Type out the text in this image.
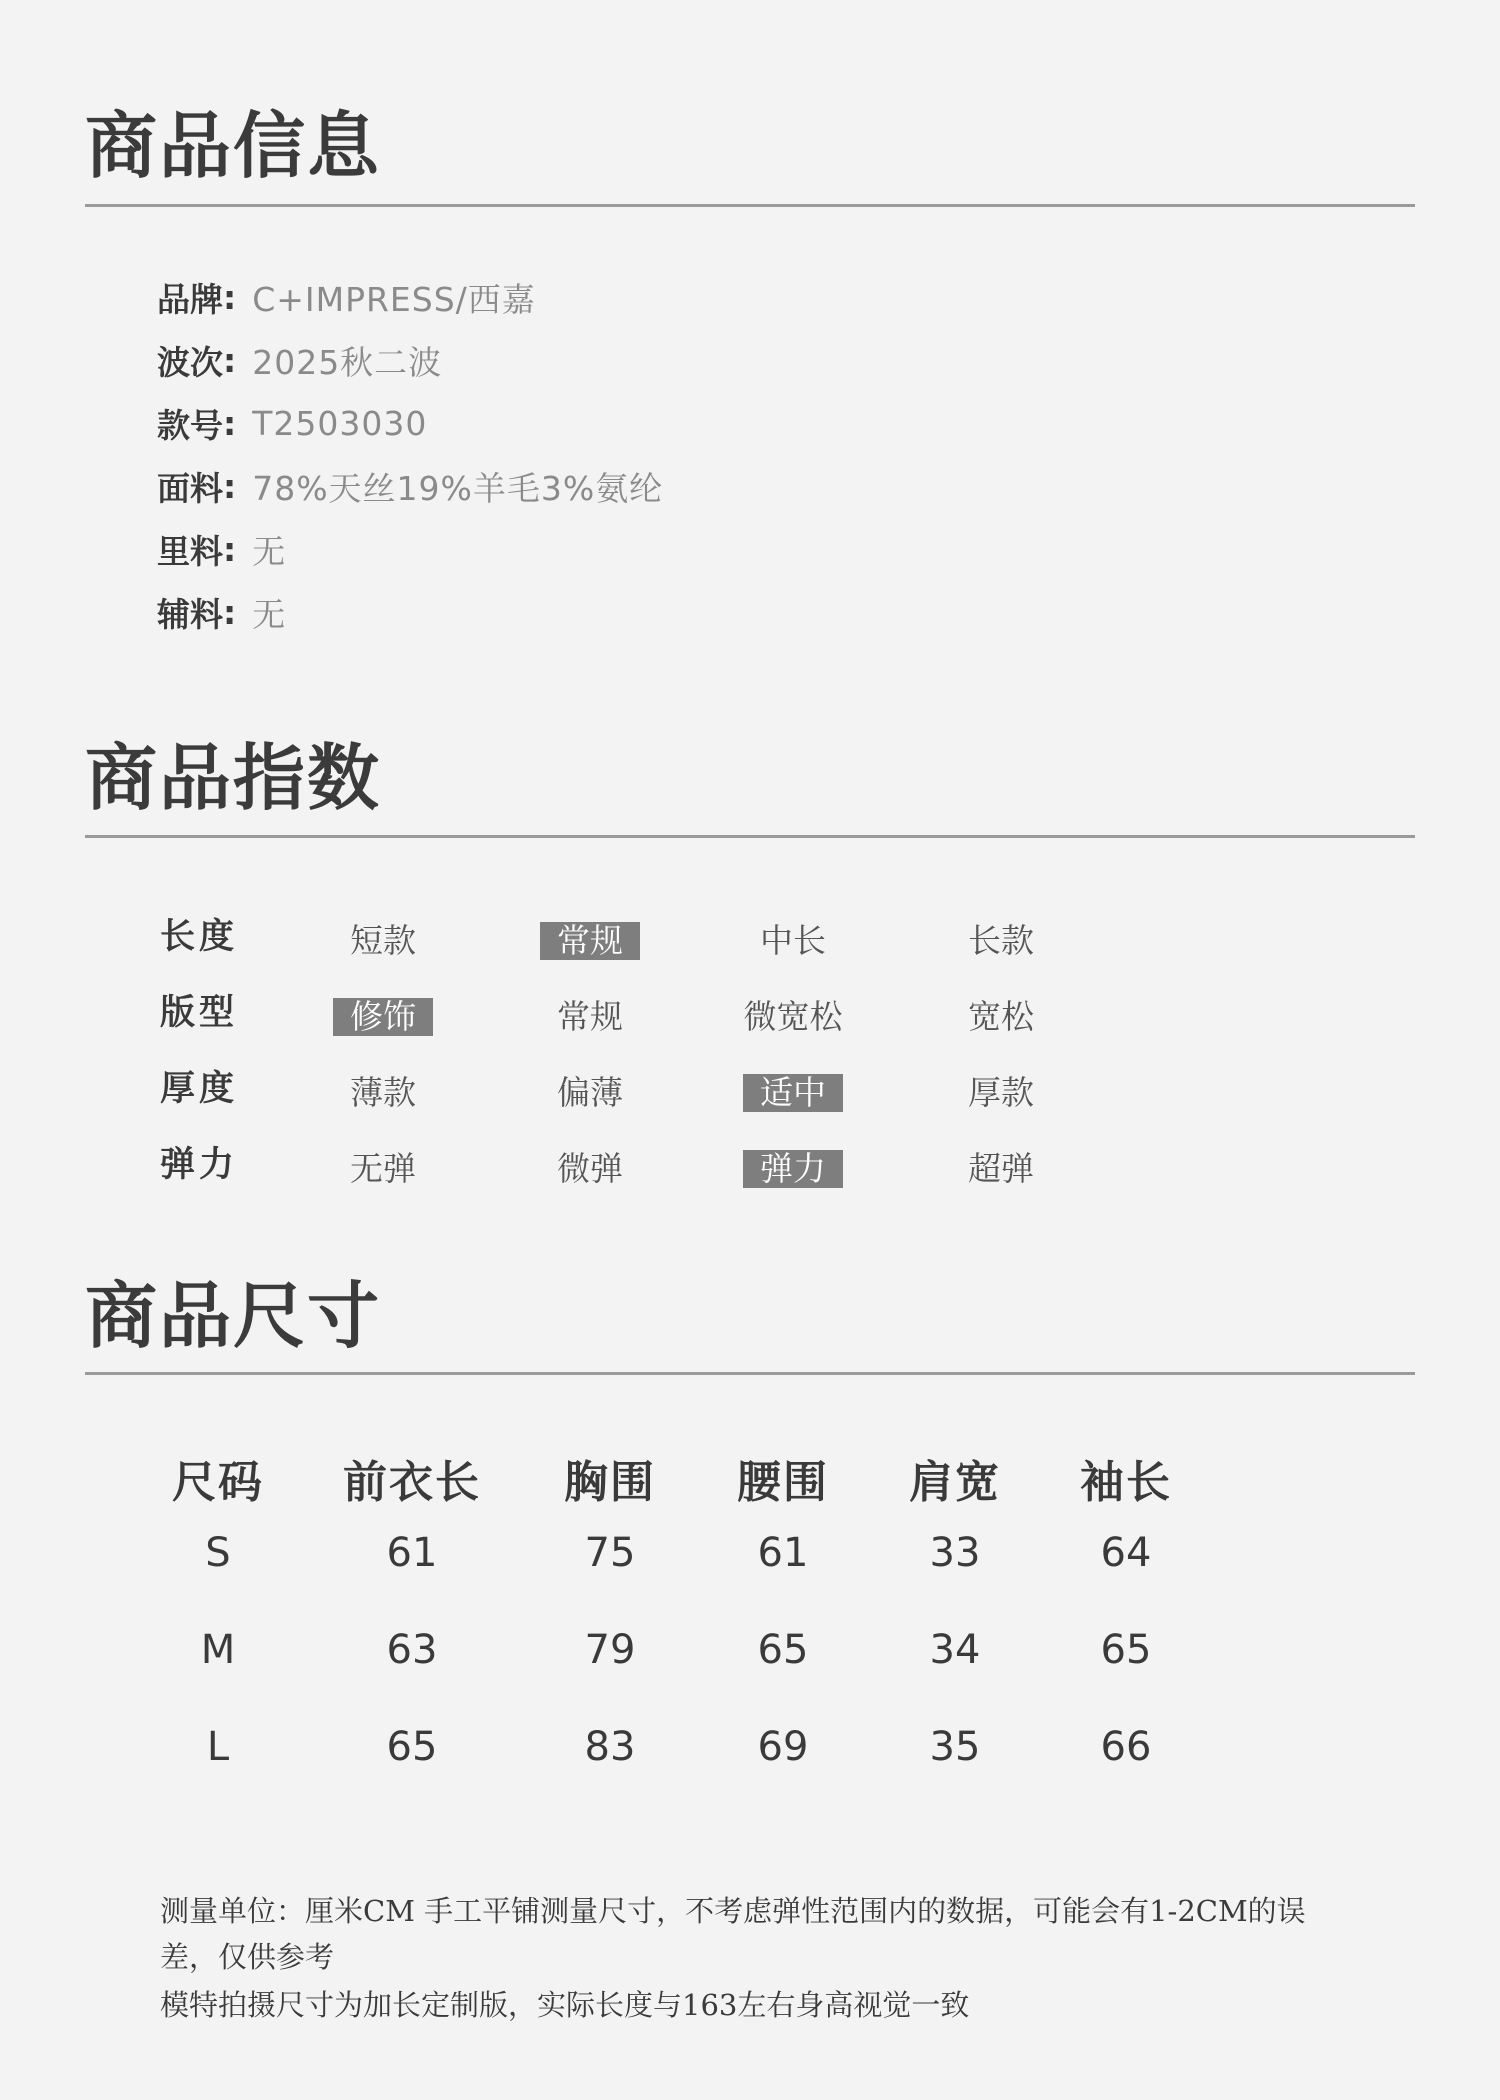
商品信息
品牌 : C+IMPRESS/西嘉
波次 : 2025秋二波
款号 : T2503030
面料 : 78%天丝19%羊毛3%氨纶
里料 : 无
辅料 : 无
商品指数
长度	短款	常规	中长	长款
版型	修饰	常规	微宽松	宽松
厚度	薄款	偏薄	适中	厚款
弹力	无弹	微弹	弹力	超弹
商品尺寸
尺码	前衣长	胸围	腰围	肩宽	袖长
S	61	75	61	33	64
M	63	79	65	34	65
L	65	83	69	35	66

测量单位：厘米CM 手工平铺测量尺寸，不考虑弹性范围内的数据，可能会有1-2CM的误差，仅供参考

模特拍摄尺寸为加长定制版，实际长度与163左右身高视觉一致
